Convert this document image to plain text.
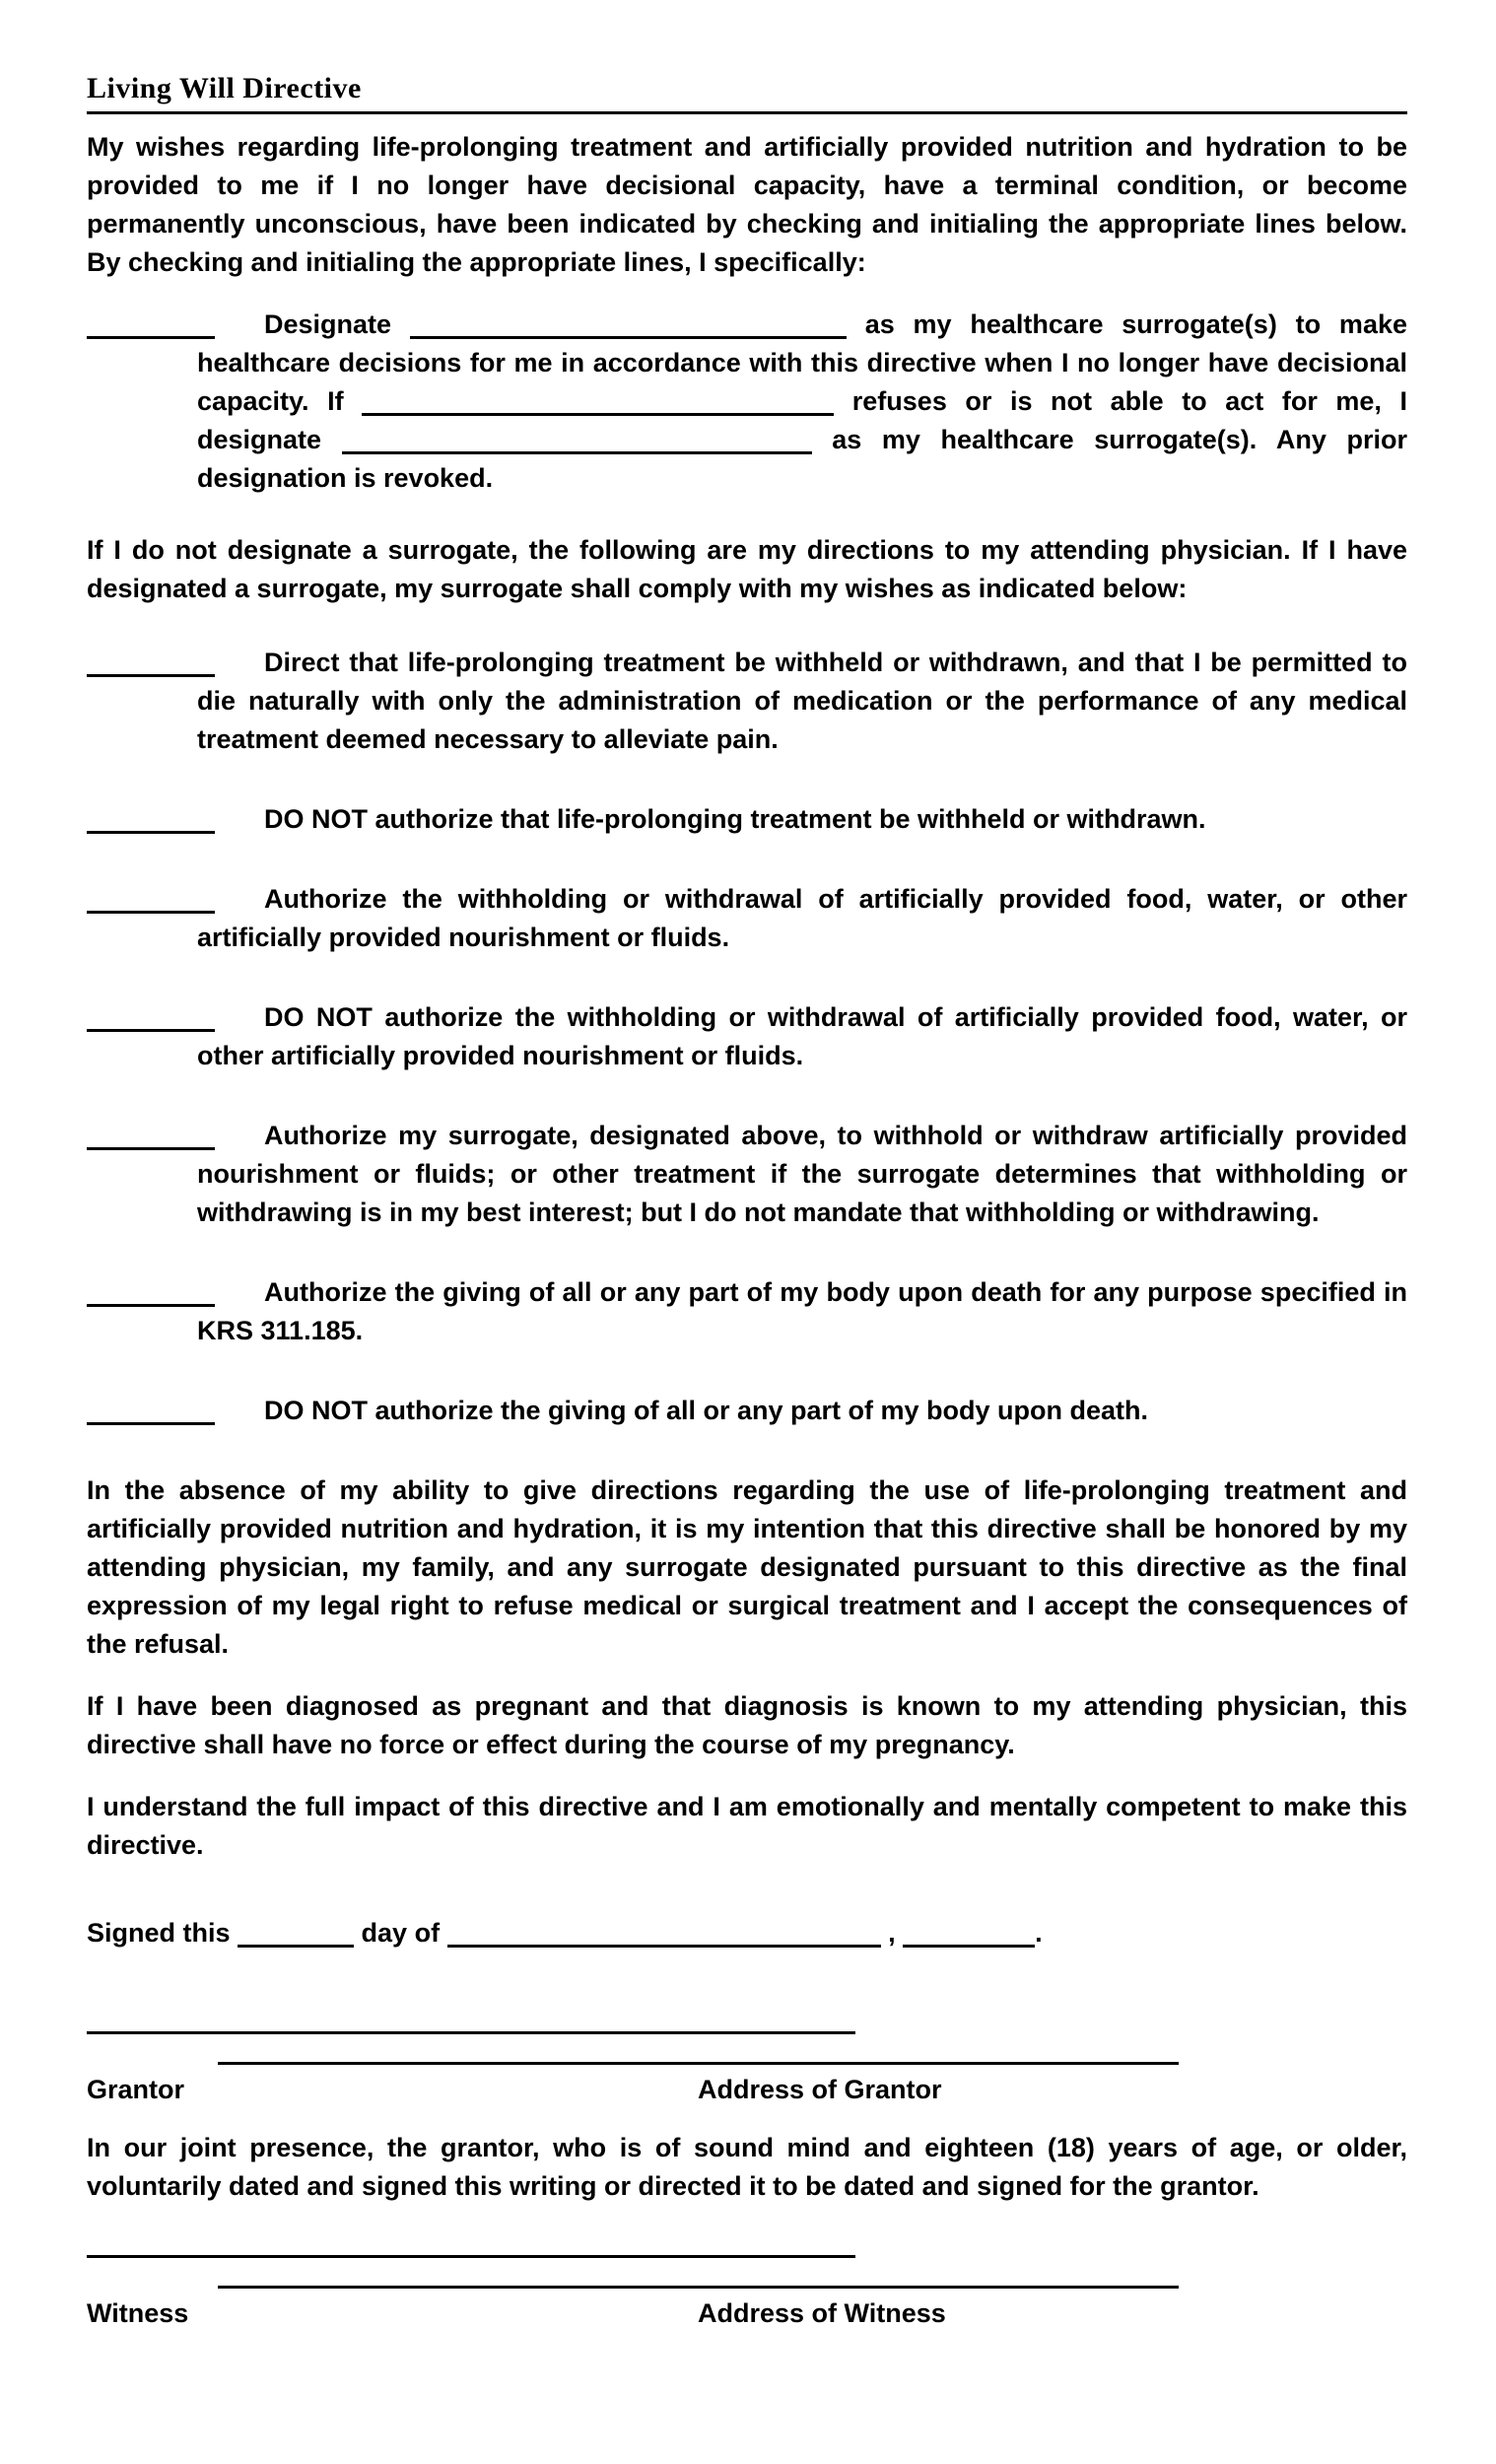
Living Will Directive

My wishes regarding life-prolonging treatment and artificially provided nutrition and hydration to be provided to me if I no longer have decisional capacity, have a terminal condition, or become permanently unconscious, have been indicated by checking and initialing the appropriate lines below. By checking and initialing the appropriate lines, I specifically:

Designate	as my healthcare surrogate(s) to make healthcare decisions for me in accordance with this directive when I no longer have decisional capacity. If	refuses or is not able to act for me, I designate	as my healthcare surrogate(s). Any prior designation is revoked.

If I do not designate a surrogate, the following are my directions to my attending physician. If I have designated a surrogate, my surrogate shall comply with my wishes as indicated below:

Direct that life-prolonging treatment be withheld or withdrawn, and that I be permitted to die naturally with only the administration of medication or the performance of any medical treatment deemed necessary to alleviate pain.
DO NOT authorize that life-prolonging treatment be withheld or withdrawn.
Authorize the withholding or withdrawal of artificially provided food, water, or other artificially provided nourishment or fluids.
DO NOT authorize the withholding or withdrawal of artificially provided food, water, or other artificially provided nourishment or fluids.
Authorize my surrogate, designated above, to withhold or withdraw artificially provided nourishment or fluids; or other treatment if the surrogate determines that withholding or withdrawing is in my best interest; but I do not mandate that withholding or withdrawing.
Authorize the giving of all or any part of my body upon death for any purpose specified in KRS 311.185.
DO NOT authorize the giving of all or any part of my body upon death.

In the absence of my ability to give directions regarding the use of life-prolonging treatment and artificially provided nutrition and hydration, it is my intention that this directive shall be honored by my attending physician, my family, and any surrogate designated pursuant to this directive as the final expression of my legal right to refuse medical or surgical treatment and I accept the consequences of the refusal.

If I have been diagnosed as pregnant and that diagnosis is known to my attending physician, this directive shall have no force or effect during the course of my pregnancy.

I understand the full impact of this directive and I am emotionally and mentally competent to make this directive.

Signed this	day of	,	.

Grantor	Address of Grantor

In our joint presence, the grantor, who is of sound mind and eighteen (18) years of age, or older, voluntarily dated and signed this writing or directed it to be dated and signed for the grantor.

Witness	Address of Witness
